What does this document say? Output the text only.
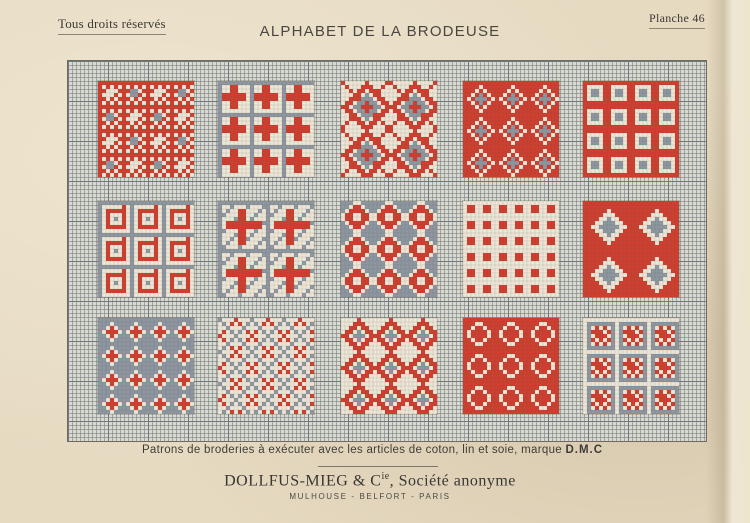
Tous droits réservés	Planche 46
ALPHABET DE LA BRODEUSE
Patrons de broderies à exécuter avec les articles de coton, lin et soie, marque D.M.C
DOLLFUS-MIEG & $C^{ie}$, Société anonyme
MULHOUSE - BELFORT - PARIS
